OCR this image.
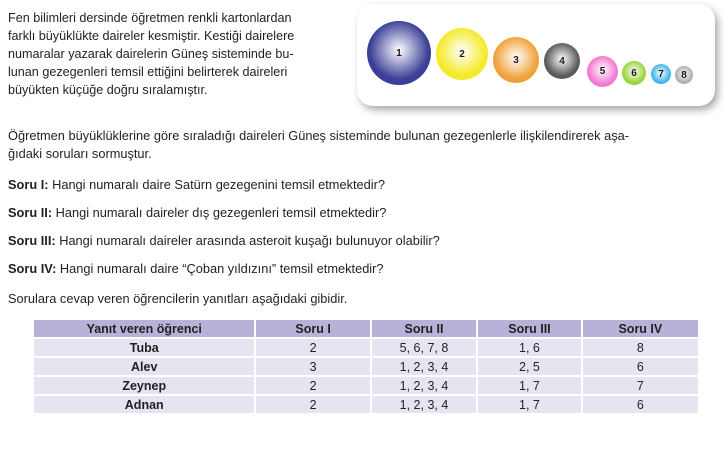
Fen bilimleri dersinde öğretmen renkli kartonlardan
farklı büyüklükte daireler kesmiştir. Kestiği dairelere
numaralar yazarak dairelerin Güneş sisteminde bu-
lunan gezegenleri temsil ettiğini belirterek daireleri
büyükten küçüğe doğru sıralamıştır.

1	2
3	4
5	6 7 8

Öğretmen büyüklüklerine göre sıraladığı daireleri Güneş sisteminde bulunan gezegenlerle ilişkilendirerek aşa-
ğıdaki soruları sormuştur.

Soru I: Hangi numaralı daire Satürn gezegenini temsil etmektedir?

Soru II: Hangi numaralı daireler dış gezegenleri temsil etmektedir?

Soru III: Hangi numaralı daireler arasında asteroit kuşağı bulunuyor olabilir?

Soru IV: Hangi numaralı daire “Çoban yıldızını” temsil etmektedir?

Sorulara cevap veren öğrencilerin yanıtları aşağıdaki gibidir.

Yanıt veren öğrenci	Soru I	Soru II	Soru III	Soru IV
Tuba	2	5, 6, 7, 8	1, 6	8
Alev	3	1, 2, 3, 4	2, 5	6
Zeynep	2	1, 2, 3, 4	1, 7	7
Adnan	2	1, 2, 3, 4	1, 7	6
